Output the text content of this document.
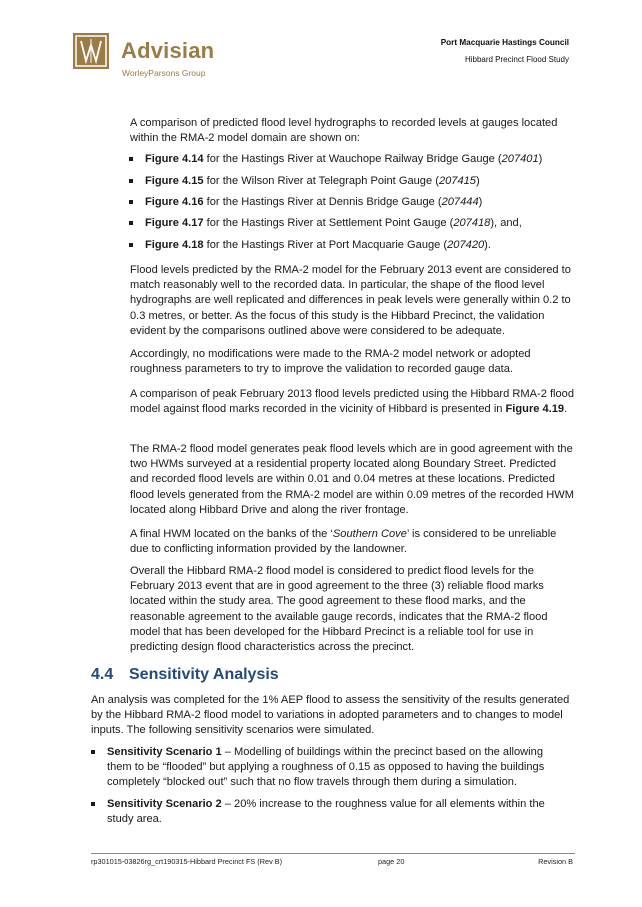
Advisian
WorleyParsons Group
Port Macquarie Hastings Council
Hibbard Precinct Flood Study
A comparison of predicted flood level hydrographs to recorded levels at gauges located within the RMA-2 model domain are shown on:
Figure 4.14 for the Hastings River at Wauchope Railway Bridge Gauge (207401)
Figure 4.15 for the Wilson River at Telegraph Point Gauge (207415)
Figure 4.16 for the Hastings River at Dennis Bridge Gauge (207444)
Figure 4.17 for the Hastings River at Settlement Point Gauge (207418), and,
Figure 4.18 for the Hastings River at Port Macquarie Gauge (207420).
Flood levels predicted by the RMA-2 model for the February 2013 event are considered to match reasonably well to the recorded data. In particular, the shape of the flood level hydrographs are well replicated and differences in peak levels were generally within 0.2 to 0.3 metres, or better. As the focus of this study is the Hibbard Precinct, the validation evident by the comparisons outlined above were considered to be adequate.
Accordingly, no modifications were made to the RMA-2 model network or adopted roughness parameters to try to improve the validation to recorded gauge data.
A comparison of peak February 2013 flood levels predicted using the Hibbard RMA-2 flood model against flood marks recorded in the vicinity of Hibbard is presented in Figure 4.19.
The RMA-2 flood model generates peak flood levels which are in good agreement with the two HWMs surveyed at a residential property located along Boundary Street. Predicted and recorded flood levels are within 0.01 and 0.04 metres at these locations. Predicted flood levels generated from the RMA-2 model are within 0.09 metres of the recorded HWM located along Hibbard Drive and along the river frontage.
A final HWM located on the banks of the ‘Southern Cove’ is considered to be unreliable due to conflicting information provided by the landowner.
Overall the Hibbard RMA-2 flood model is considered to predict flood levels for the February 2013 event that are in good agreement to the three (3) reliable flood marks located within the study area. The good agreement to these flood marks, and the reasonable agreement to the available gauge records, indicates that the RMA-2 flood model that has been developed for the Hibbard Precinct is a reliable tool for use in predicting design flood characteristics across the precinct.
4.4 Sensitivity Analysis
An analysis was completed for the 1% AEP flood to assess the sensitivity of the results generated by the Hibbard RMA-2 flood model to variations in adopted parameters and to changes to model inputs. The following sensitivity scenarios were simulated.
Sensitivity Scenario 1 – Modelling of buildings within the precinct based on the allowing them to be “flooded” but applying a roughness of 0.15 as opposed to having the buildings completely “blocked out” such that no flow travels through them during a simulation.
Sensitivity Scenario 2 – 20% increase to the roughness value for all elements within the study area.
rp301015-03826rg_crt190315-Hibbard Precinct FS (Rev B)	page 20	Revision B
